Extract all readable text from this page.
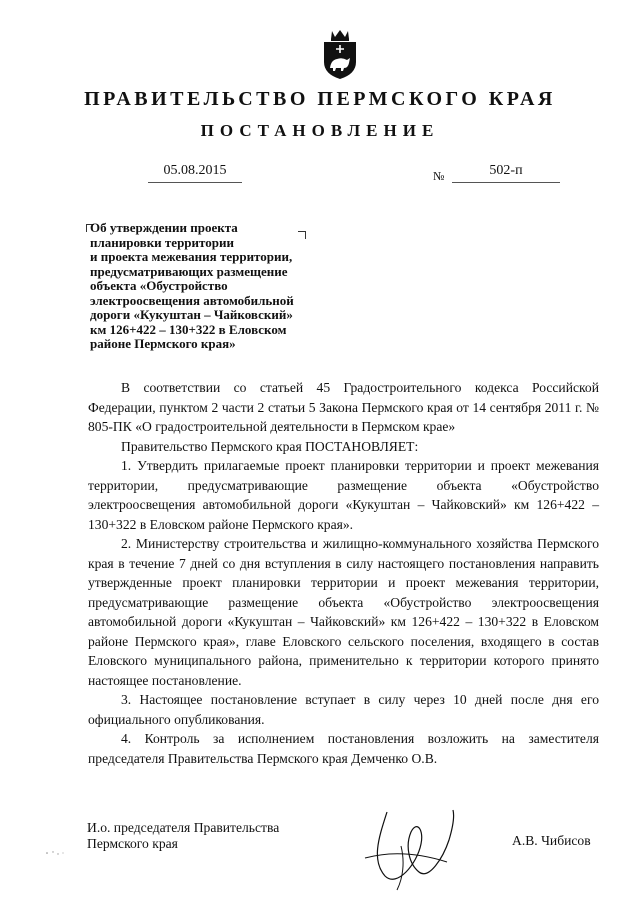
ПРАВИТЕЛЬСТВО ПЕРМСКОГО КРАЯ
ПОСТАНОВЛЕНИЕ
05.08.2015	№	502-п
Об утверждении проекта
планировки территории
и проекта межевания территории,
предусматривающих размещение
объекта «Обустройство
электроосвещения автомобильной
дороги «Кукуштан – Чайковский»
км 126+422 – 130+322 в Еловском
районе Пермского края»

В соответствии со статьей 45 Градостроительного кодекса Российской Федерации, пунктом 2 части 2 статьи 5 Закона Пермского края от 14 сентября 2011 г. № 805-ПК «О градостроительной деятельности в Пермском крае»

Правительство Пермского края ПОСТАНОВЛЯЕТ:

1. Утвердить прилагаемые проект планировки территории и проект межевания территории, предусматривающие размещение объекта «Обустройство электроосвещения автомобильной дороги «Кукуштан – Чайковский» км 126+422 – 130+322 в Еловском районе Пермского края».

2. Министерству строительства и жилищно-коммунального хозяйства Пермского края в течение 7 дней со дня вступления в силу настоящего постановления направить утвержденные проект планировки территории и проект межевания территории, предусматривающие размещение объекта «Обустройство электроосвещения автомобильной дороги «Кукуштан – Чайковский» км 126+422 – 130+322 в Еловском районе Пермского края», главе Еловского сельского поселения, входящего в состав Еловского муниципального района, применительно к территории которого принято настоящее постановление.

3. Настоящее постановление вступает в силу через 10 дней после дня его официального опубликования.

4. Контроль за исполнением постановления возложить на заместителя председателя Правительства Пермского края Демченко О.В.

И.о. председателя Правительства
Пермского края	А.В. Чибисов
